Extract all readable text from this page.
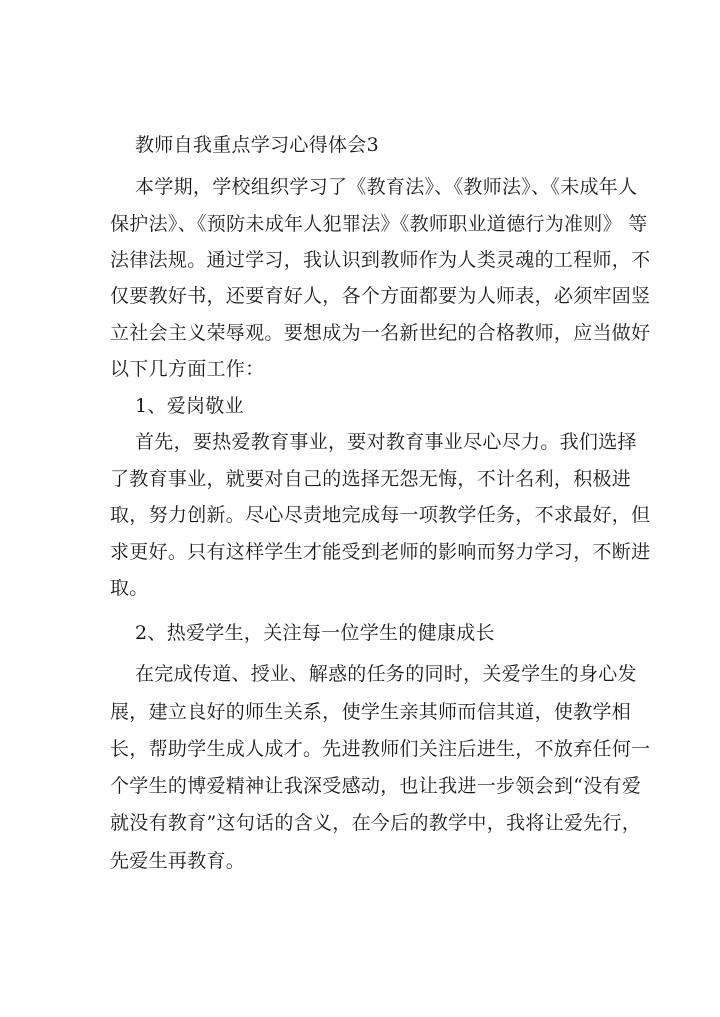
教师自我重点学习心得体会3
本学期，学校组织学习了《教育法》、《教师法》、《未成年人
保护法》、《预防未成年人犯罪法》《教师职业道德行为准则》 等
法律法规。通过学习，我认识到教师作为人类灵魂的工程师，不
仅要教好书，还要育好人，各个方面都要为人师表，必须牢固竖
立社会主义荣辱观。要想成为一名新世纪的合格教师，应当做好
以下几方面工作：
1、爱岗敬业
首先，要热爱教育事业，要对教育事业尽心尽力。我们选择
了教育事业，就要对自己的选择无怨无悔，不计名利，积极进
取，努力创新。尽心尽责地完成每一项教学任务，不求最好，但
求更好。只有这样学生才能受到老师的影响而努力学习，不断进
取。
2、热爱学生，关注每一位学生的健康成长
在完成传道、授业、解惑的任务的同时，关爱学生的身心发
展，建立良好的师生关系，使学生亲其师而信其道，使教学相
长，帮助学生成人成才。先进教师们关注后进生，不放弃任何一
个学生的博爱精神让我深受感动，也让我进一步领会到“没有爱
就没有教育”这句话的含义，在今后的教学中，我将让爱先行，
先爱生再教育。
